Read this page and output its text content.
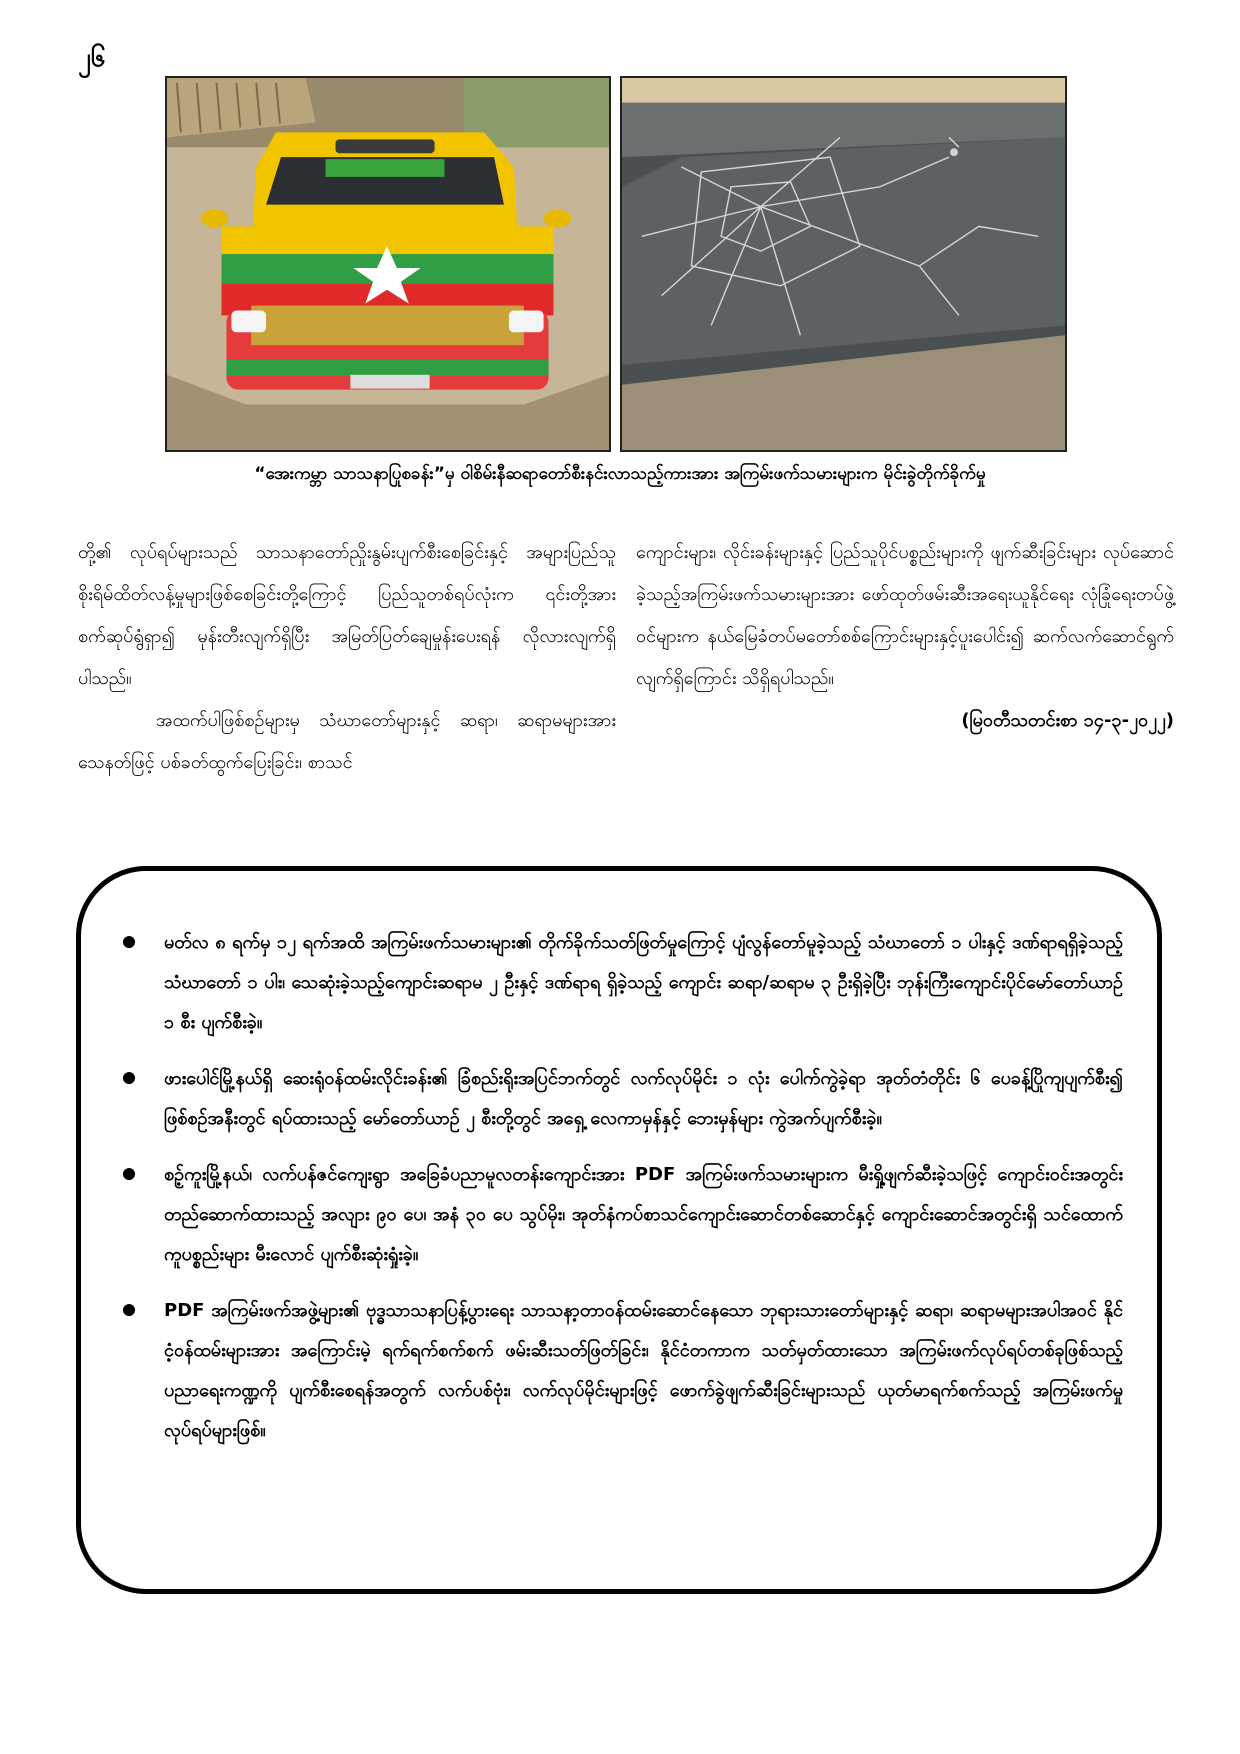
၂၆
“အေးကမ္ဘာ သာသနာပြုစခန်း”မှ ဝါစိမ်းနီဆရာတော်စီးနင်းလာသည့်ကားအား အကြမ်းဖက်သမားများက မိုင်းခွဲတိုက်ခိုက်မှု

တို့၏ လုပ်ရပ်များသည် သာသနာတော်ညှိုးနွမ်းပျက်စီးစေခြင်းနှင့် အများပြည်သူ စိုးရိမ်ထိတ်လန့်မှုများဖြစ်စေခြင်းတို့ကြောင့် ပြည်သူတစ်ရပ်လုံးက ၎င်းတို့အားစက်ဆုပ်ရွံရှာ၍ မုန်းတီးလျက်ရှိပြီး အမြတ်ပြတ်ချေမှုန်းပေးရန် လိုလားလျက်ရှိပါသည်။

အထက်ပါဖြစ်စဉ်များမှ သံဃာတော်များနှင့် ဆရာ၊ ဆရာမများအား သေနတ်ဖြင့် ပစ်ခတ်ထွက်ပြေးခြင်း၊ စာသင်

ကျောင်းများ၊ လိုင်းခန်းများနှင့် ပြည်သူပိုင်ပစ္စည်းများကို ဖျက်ဆီးခြင်းများ လုပ်ဆောင်ခဲ့သည့်အကြမ်းဖက်သမားများအား ဖော်ထုတ်ဖမ်းဆီးအရေးယူနိုင်ရေး လုံခြုံရေးတပ်ဖွဲ့ဝင်များက နယ်မြေခံတပ်မတော်စစ်ကြောင်းများနှင့်ပူးပေါင်း၍ ဆက်လက်ဆောင်ရွက်လျက်ရှိကြောင်း သိရှိရပါသည်။

(မြဝတီသတင်းစာ ၁၄-၃-၂၀၂၂)

မတ်လ ၈ ရက်မှ ၁၂ ရက်အထိ အကြမ်းဖက်သမားများ၏ တိုက်ခိုက်သတ်ဖြတ်မှုကြောင့် ပျံလွန်တော်မူခဲ့သည့် သံဃာတော် ၁ ပါးနှင့် ဒဏ်ရာရရှိခဲ့သည့် သံဃာတော် ၁ ပါး၊ သေဆုံးခဲ့သည့်ကျောင်းဆရာမ ၂ ဦးနှင့် ဒဏ်ရာရ ရှိခဲ့သည့် ကျောင်း ဆရာ/ဆရာမ ၃ ဦးရှိခဲ့ပြီး ဘုန်းကြီးကျောင်းပိုင်မော်တော်ယာဉ် ၁ စီး ပျက်စီးခဲ့။
ဖားပေါင်မြို့နယ်ရှိ ဆေးရုံဝန်ထမ်းလိုင်းခန်း၏ ခြံစည်းရိုးအပြင်ဘက်တွင် လက်လုပ်မိုင်း ၁ လုံး ပေါက်ကွဲခဲ့ရာ အုတ်တံတိုင်း ၆ ပေခန့်ပြိုကျပျက်စီး၍ ဖြစ်စဉ်အနီးတွင် ရပ်ထားသည့် မော်တော်ယာဉ် ၂ စီးတို့တွင် အရှေ့ လေကာမှန်နှင့် ဘေးမှန်များ ကွဲအက်ပျက်စီးခဲ့။
စဉ့်ကူးမြို့နယ်၊ လက်ပန်ဇင်ကျေးရွာ အခြေခံပညာမူလတန်းကျောင်းအား PDF အကြမ်းဖက်သမားများက မီးရှို့ဖျက်ဆီးခဲ့သဖြင့် ကျောင်းဝင်းအတွင်းတည်ဆောက်ထားသည့် အလျား ၉၀ ပေ၊ အနံ ၃၀ ပေ သွပ်မိုး၊ အုတ်နံကပ်စာသင်ကျောင်းဆောင်တစ်ဆောင်နှင့် ကျောင်းဆောင်အတွင်းရှိ သင်ထောက်ကူပစ္စည်းများ မီးလောင် ပျက်စီးဆုံးရှုံးခဲ့။
PDF အကြမ်းဖက်အဖွဲ့များ၏ ဗုဒ္ဓသာသနာပြန့်ပွားရေး သာသနာ့တာဝန်ထမ်းဆောင်နေသော ဘုရားသားတော်များနှင့် ဆရာ၊ ဆရာမများအပါအဝင် နိုင်ငံ့ဝန်ထမ်းများအား အကြောင်းမဲ့ ရက်ရက်စက်စက် ဖမ်းဆီးသတ်ဖြတ်ခြင်း၊ နိုင်ငံတကာက သတ်မှတ်ထားသော အကြမ်းဖက်လုပ်ရပ်တစ်ခုဖြစ်သည့် ပညာရေးကဏ္ဍကို ပျက်စီးစေရန်အတွက် လက်ပစ်ဗုံး၊ လက်လုပ်မိုင်းများဖြင့် ဖောက်ခွဲဖျက်ဆီးခြင်းများသည် ယုတ်မာရက်စက်သည့် အကြမ်းဖက်မှုလုပ်ရပ်များဖြစ်။
